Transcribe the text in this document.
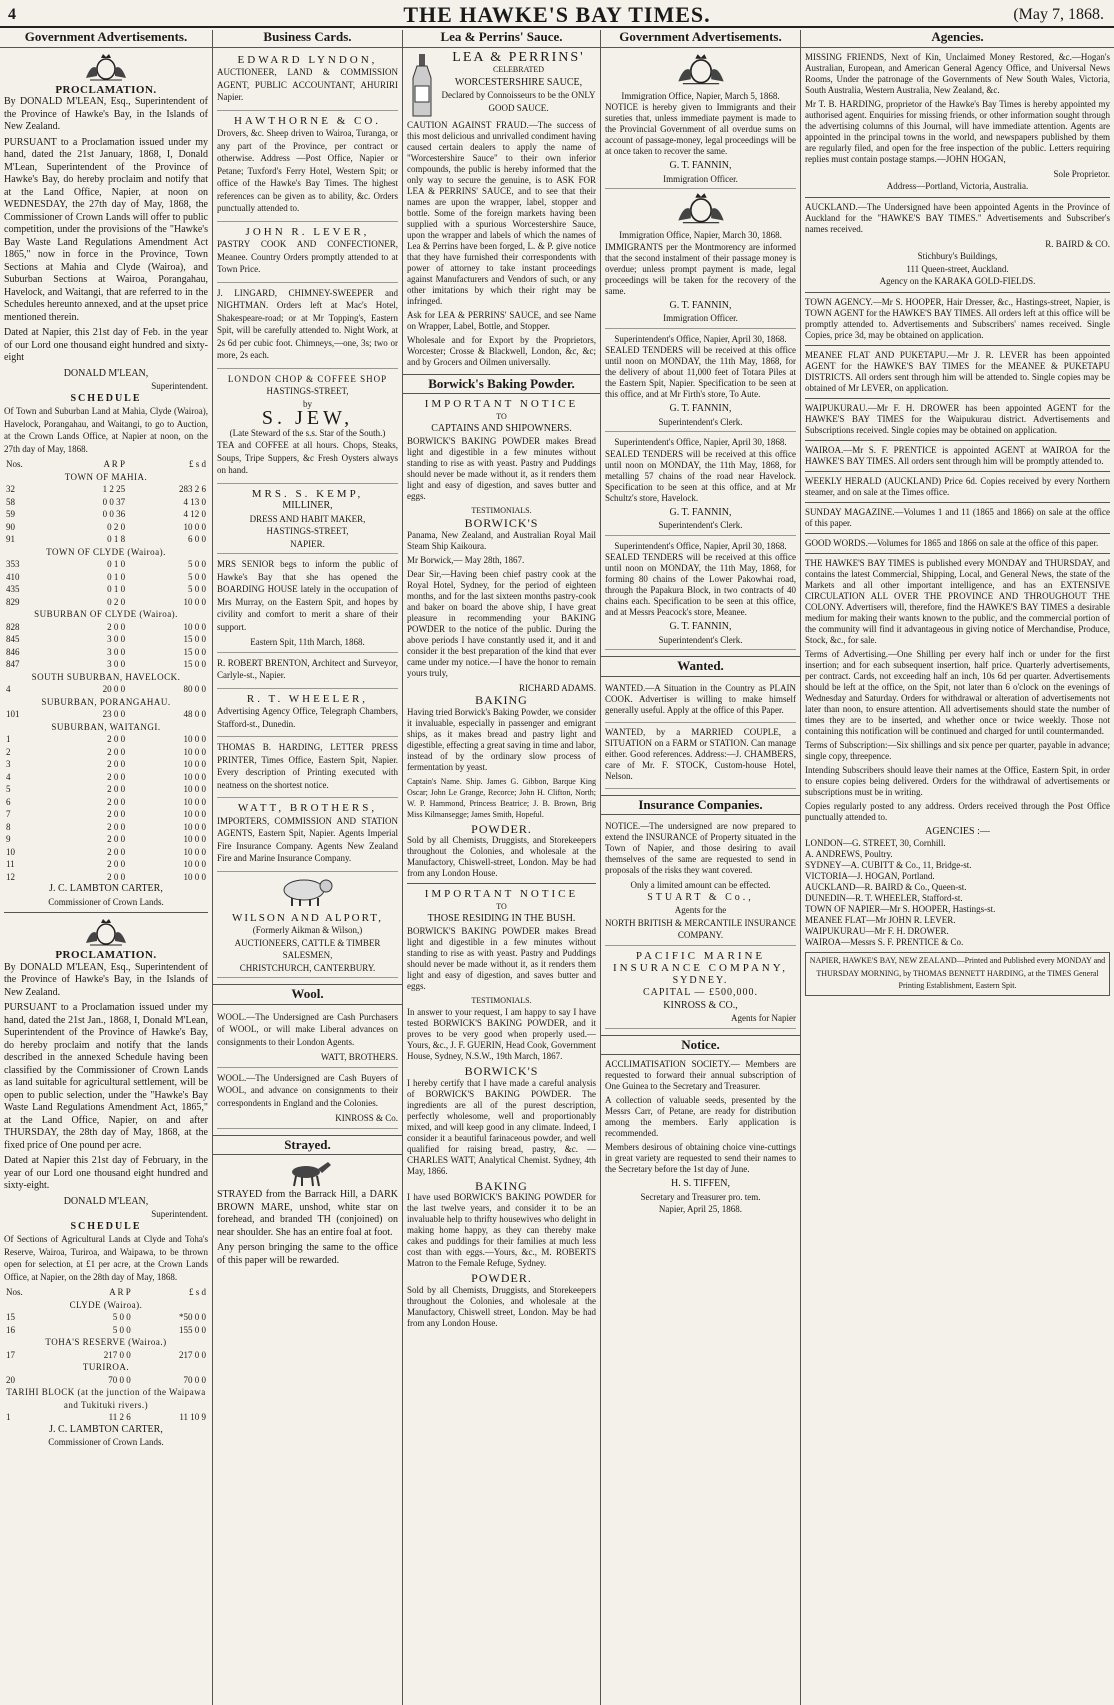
4	THE HAWKE'S BAY TIMES.	(May 7, 1868.
Government Advertisements.
PROCLAMATION.
By DONALD M'LEAN, Esq., Superintendent of the Province of Hawke's Bay, in the Islands of New Zealand.
PURSUANT to a Proclamation issued under my hand, dated the 21st January, 1868, I, Donald M'Lean, Superintendent of the Province of Hawke's Bay, do hereby proclaim and notify that at the Land Office, Napier, at noon on WEDNESDAY, the 27th day of May, 1868, the Commissioner of Crown Lands will offer to public competition, under the provisions of the "Hawke's Bay Waste Land Regulations Amendment Act 1865," now in force in the Province, Town Sections at Mahia and Clyde (Wairoa), and Suburban Sections at Wairoa, Porangahau, Havelock, and Waitangi, that are referred to in the Schedules hereunto annexed, and at the upset price mentioned therein.
Dated at Napier, this 21st day of Feb. in the year of our Lord one thousand eight hundred and sixty-eight
DONALD M'LEAN,
Superintendent.
SCHEDULE
Of Town and Suburban Land at Mahia, Clyde (Wairoa), Havelock, Porangahau, and Waitangi, to go to Auction, at the Crown Lands Office, at Napier at noon, on the 27th day of May, 1868.
Nos.	A R P	£ s d
TOWN OF MAHIA.		
32	1 2 25	283 2 6
58	0 0 37	4 13 0
59	0 0 36	4 12 0
90	0 2 0	10 0 0
91	0 1 8	6 0 0
TOWN OF CLYDE (Wairoa).		
353	0 1 0	5 0 0
410	0 1 0	5 0 0
435	0 1 0	5 0 0
829	0 2 0	10 0 0
SUBURBAN OF CLYDE (Wairoa).		
828	2 0 0	10 0 0
845	3 0 0	15 0 0
846	3 0 0	15 0 0
847	3 0 0	15 0 0
SOUTH SUBURBAN, HAVELOCK.		
4	20 0 0	80 0 0
SUBURBAN, PORANGAHAU.		
101	23 0 0	48 0 0
SUBURBAN, WAITANGI.		
1	2 0 0	10 0 0
2	2 0 0	10 0 0
3	2 0 0	10 0 0
4	2 0 0	10 0 0
5	2 0 0	10 0 0
6	2 0 0	10 0 0
7	2 0 0	10 0 0
8	2 0 0	10 0 0
9	2 0 0	10 0 0
10	2 0 0	10 0 0
11	2 0 0	10 0 0
12	2 0 0	10 0 0
J. C. LAMBTON CARTER,
Commissioner of Crown Lands.
PROCLAMATION.
By DONALD M'LEAN, Esq., Superintendent of the Province of Hawke's Bay, in the Islands of New Zealand.
PURSUANT to a Proclamation issued under my hand, dated the 21st Jan., 1868, I, Donald M'Lean, Superintendent of the Province of Hawke's Bay, do hereby proclaim and notify that the lands described in the annexed Schedule having been classified by the Commissioner of Crown Lands as land suitable for agricultural settlement, will be open to public selection, under the "Hawke's Bay Waste Land Regulations Amendment Act, 1865," at the Land Office, Napier, on and after THURSDAY, the 28th day of May, 1868, at the fixed price of One pound per acre.
Dated at Napier this 21st day of February, in the year of our Lord one thousand eight hundred and sixty-eight.
DONALD M'LEAN,
Superintendent.
SCHEDULE
Of Sections of Agricultural Lands at Clyde and Toha's Reserve, Wairoa, Turiroa, and Waipawa, to be thrown open for selection, at £1 per acre, at the Crown Lands Office, at Napier, on the 28th day of May, 1868.
Nos.	A R P	£ s d
CLYDE (Wairoa).		
15	5 0 0	*50 0 0
16	5 0 0	155 0 0
TOHA'S RESERVE (Wairoa.)		
17	217 0 0	217 0 0
TURIROA.		
20	70 0 0	70 0 0
TARIHI BLOCK (at the junction of the Waipawa and Tukituki rivers.)		
1	11 2 6	11 10 9
J. C. LAMBTON CARTER,
Commissioner of Crown Lands.
Business Cards.
EDWARD LYNDON,
AUCTIONEER, LAND & COMMISSION AGENT, PUBLIC ACCOUNTANT, AHURIRI Napier.
HAWTHORNE & CO.
Drovers, &c. Sheep driven to Wairoa, Turanga, or any part of the Province, per contract or otherwise. Address —Post Office, Napier or Petane; Tuxford's Ferry Hotel, Western Spit; or office of the Hawke's Bay Times. The highest references can be given as to ability, &c. Orders punctually attended to.
JOHN R. LEVER,
PASTRY COOK AND CONFECTIONER, Meanee. Country Orders promptly attended to at Town Price.
J. LINGARD, CHIMNEY-SWEEPER and NIGHTMAN. Orders left at Mac's Hotel, Shakespeare-road; or at Mr Topping's, Eastern Spit, will be carefully attended to. Night Work, at 2s 6d per cubic foot. Chimneys,—one, 3s; two or more, 2s each.
LONDON CHOP & COFFEE SHOP
HASTINGS-STREET,
by
S. JEW,
(Late Steward of the s.s. Star of the South.)
TEA and COFFEE at all hours. Chops, Steaks, Soups, Tripe Suppers, &c Fresh Oysters always on hand.
MRS. S. KEMP,
MILLINER,
DRESS AND HABIT MAKER,
HASTINGS-STREET,
NAPIER.
MRS SENIOR begs to inform the public of Hawke's Bay that she has opened the BOARDING HOUSE lately in the occupation of Mrs Murray, on the Eastern Spit, and hopes by civility and comfort to merit a share of their support.
Eastern Spit, 11th March, 1868.
R. ROBERT BRENTON, Architect and Surveyor, Carlyle-st., Napier.
R. T. WHEELER,
Advertising Agency Office, Telegraph Chambers, Stafford-st., Dunedin.
THOMAS B. HARDING, LETTER PRESS PRINTER, Times Office, Eastern Spit, Napier. Every description of Printing executed with neatness on the shortest notice.
WATT, BROTHERS,
IMPORTERS, COMMISSION AND STATION AGENTS, Eastern Spit, Napier. Agents Imperial Fire Insurance Company. Agents New Zealand Fire and Marine Insurance Company.
WILSON AND ALPORT,
(Formerly Aikman & Wilson,)
AUCTIONEERS, CATTLE & TIMBER SALESMEN,
CHRISTCHURCH, CANTERBURY.
Wool.
WOOL.—The Undersigned are Cash Purchasers of WOOL, or will make Liberal advances on consignments to their London Agents.
WATT, BROTHERS.
WOOL.—The Undersigned are Cash Buyers of WOOL, and advance on consignments to their correspondents in England and the Colonies.
KINROSS & Co.
Strayed.
STRAYED from the Barrack Hill, a DARK BROWN MARE, unshod, white star on forehead, and branded TH (conjoined) on near shoulder. She has an entire foal at foot.
Any person bringing the same to the office of this paper will be rewarded.
Lea & Perrins' Sauce.
LEA & PERRINS'
CELEBRATED
WORCESTERSHIRE SAUCE,
Declared by Connoisseurs to be the ONLY GOOD SAUCE.
CAUTION AGAINST FRAUD.—The success of this most delicious and unrivalled condiment having caused certain dealers to apply the name of "Worcestershire Sauce" to their own inferior compounds, the public is hereby informed that the only way to secure the genuine, is to ASK FOR LEA & PERRINS' SAUCE, and to see that their names are upon the wrapper, label, stopper and bottle. Some of the foreign markets having been supplied with a spurious Worcestershire Sauce, upon the wrapper and labels of which the names of Lea & Perrins have been forged, L. & P. give notice that they have furnished their correspondents with power of attorney to take instant proceedings against Manufacturers and Vendors of such, or any other imitations by which their right may be infringed.
Ask for LEA & PERRINS' SAUCE, and see Name on Wrapper, Label, Bottle, and Stopper.
Wholesale and for Export by the Proprietors, Worcester; Crosse & Blackwell, London, &c, &c; and by Grocers and Oilmen universally.
Borwick's Baking Powder.
IMPORTANT NOTICE
TO
CAPTAINS AND SHIPOWNERS.
BORWICK'S BAKING POWDER makes Bread light and digestible in a few minutes without standing to rise as with yeast. Pastry and Puddings should never be made without it, as it renders them light and easy of digestion, and saves butter and eggs.
TESTIMONIALS.
BORWICK'S
Panama, New Zealand, and Australian Royal Mail Steam Ship Kaikoura.
Mr Borwick,— May 28th, 1867.
Dear Sir,—Having been chief pastry cook at the Royal Hotel, Sydney, for the period of eighteen months, and for the last sixteen months pastry-cook and baker on board the above ship, I have great pleasure in recommending your BAKING POWDER to the notice of the public. During the above periods I have constantly used it, and it and consider it the best preparation of the kind that ever came under my notice.—I have the honor to remain yours truly,
RICHARD ADAMS.
BAKING
Having tried Borwick's Baking Powder, we consider it invaluable, especially in passenger and emigrant ships, as it makes bread and pastry light and digestible, effecting a great saving in time and labor, instead of by the ordinary slow process of fermentation by yeast.
Captain's Name. Ship. James G. Gibbon, Barque King Oscar; John Le Grange, Recorce; John H. Clifton, North; W. P. Hammond, Princess Beatrice; J. B. Brown, Brig Miss Kilmansegge; James Smith, Hopeful.
POWDER.
Sold by all Chemists, Druggists, and Storekeepers throughout the Colonies, and wholesale at the Manufactory, Chiswell-street, London. May be had from any London House.
IMPORTANT NOTICE
TO
THOSE RESIDING IN THE BUSH.
BORWICK'S BAKING POWDER makes Bread light and digestible in a few minutes without standing to rise as with yeast. Pastry and Puddings should never be made without it, as it renders them light and easy of digestion, and saves butter and eggs.
TESTIMONIALS.
In answer to your request, I am happy to say I have tested BORWICK'S BAKING POWDER, and it proves to be very good when properly used.—Yours, &c., J. F. GUERIN, Head Cook, Government House, Sydney, N.S.W., 19th March, 1867.
BORWICK'S
I hereby certify that I have made a careful analysis of BORWICK'S BAKING POWDER. The ingredients are all of the purest description, perfectly wholesome, well and proportionably mixed, and will keep good in any climate. Indeed, I consider it a beautiful farinaceous powder, and well qualified for raising bread, pastry, &c. —CHARLES WATT, Analytical Chemist. Sydney, 4th May, 1866.
BAKING
I have used BORWICK'S BAKING POWDER for the last twelve years, and consider it to be an invaluable help to thrifty housewives who delight in making home happy, as they can thereby make cakes and puddings for their families at much less cost than with eggs.—Yours, &c., M. ROBERTS Matron to the Female Refuge, Sydney.
POWDER.
Sold by all Chemists, Druggists, and Storekeepers throughout the Colonies, and wholesale at the Manufactory, Chiswell street, London. May be had from any London House.
Government Advertisements.
Immigration Office, Napier, March 5, 1868.
NOTICE is hereby given to Immigrants and their sureties that, unless immediate payment is made to the Provincial Government of all overdue sums on account of passage-money, legal proceedings will be at once taken to recover the same.
G. T. FANNIN,
Immigration Officer.
Immigration Office, Napier, March 30, 1868.
IMMIGRANTS per the Montmorency are informed that the second instalment of their passage money is overdue; unless prompt payment is made, legal proceedings will be taken for the recovery of the same.
G. T. FANNIN,
Immigration Officer.
Superintendent's Office, Napier, April 30, 1868.
SEALED TENDERS will be received at this office until noon on MONDAY, the 11th May, 1868, for the delivery of about 11,000 feet of Totara Piles at the Eastern Spit, Napier. Specification to be seen at this office, and at Mr Firth's store, To Aute.
G. T. FANNIN,
Superintendent's Clerk.
Superintendent's Office, Napier, April 30, 1868.
SEALED TENDERS will be received at this office until noon on MONDAY, the 11th May, 1868, for metalling 57 chains of the road near Havelock. Specification to be seen at this office, and at Mr Schultz's store, Havelock.
G. T. FANNIN,
Superintendent's Clerk.
Superintendent's Office, Napier, April 30, 1868.
SEALED TENDERS will be received at this office until noon on MONDAY, the 11th May, 1868, for forming 80 chains of the Lower Pakowhai road, through the Papakura Block, in two contracts of 40 chains each. Specification to be seen at this office, and at Messrs Peacock's store, Meanee.
G. T. FANNIN,
Superintendent's Clerk.
Wanted.
WANTED.—A Situation in the Country as PLAIN COOK. Advertiser is willing to make himself generally useful. Apply at the office of this Paper.
WANTED, by a MARRIED COUPLE, a SITUATION on a FARM or STATION. Can manage either. Good references. Address:—J. CHAMBERS, care of Mr. F. STOCK, Custom-house Hotel, Nelson.
Insurance Companies.
NOTICE.—The undersigned are now prepared to extend the INSURANCE of Property situated in the Town of Napier, and those desiring to avail themselves of the same are requested to send in proposals of the risks they want covered.
Only a limited amount can be effected.
STUART & Co.,
Agents for the
NORTH BRITISH & MERCANTILE INSURANCE COMPANY.
PACIFIC MARINE INSURANCE COMPANY,
SYDNEY.
CAPITAL — £500,000.
KINROSS & CO.,
Agents for Napier
Notice.
ACCLIMATISATION SOCIETY.— Members are requested to forward their annual subscription of One Guinea to the Secretary and Treasurer.
A collection of valuable seeds, presented by the Messrs Carr, of Petane, are ready for distribution among the members. Early application is recommended.
Members desirous of obtaining choice vine-cuttings in great variety are requested to send their names to the Secretary before the 1st day of June.
H. S. TIFFEN,
Secretary and Treasurer pro. tem.
Napier, April 25, 1868.
Agencies.
MISSING FRIENDS, Next of Kin, Unclaimed Money Restored, &c.—Hogan's Australian, European, and American General Agency Office, and Universal News Rooms, Under the patronage of the Governments of New South Wales, Victoria, South Australia, Western Australia, New Zealand, &c.
Mr T. B. HARDING, proprietor of the Hawke's Bay Times is hereby appointed my authorised agent. Enquiries for missing friends, or other information sought through the advertising columns of this Journal, will have immediate attention. Agents are appointed in the principal towns in the world, and newspapers published by them are regularly filed, and open for the free inspection of the public. Letters requiring replies must contain postage stamps.—JOHN HOGAN,
Sole Proprietor.
Address—Portland, Victoria, Australia.
AUCKLAND.—The Undersigned have been appointed Agents in the Province of Auckland for the "HAWKE'S BAY TIMES." Advertisements and Subscriber's names received.
R. BAIRD & CO.
Stichbury's Buildings,
111 Queen-street, Auckland.
Agency on the KARAKA GOLD-FIELDS.
TOWN AGENCY.—Mr S. HOOPER, Hair Dresser, &c., Hastings-street, Napier, is TOWN AGENT for the HAWKE'S BAY TIMES. All orders left at this office will be promptly attended to. Advertisements and Subscribers' names received. Single Copies, price 3d, may be obtained on application.
MEANEE FLAT AND PUKETAPU.—Mr J. R. LEVER has been appointed AGENT for the HAWKE'S BAY TIMES for the MEANEE & PUKETAPU DISTRICTS. All orders sent through him will be attended to. Single copies may be obtained of Mr LEVER, on application.
WAIPUKURAU.—Mr F. H. DROWER has been appointed AGENT for the HAWKE'S BAY TIMES for the Waipukurau district. Advertisements and Subscriptions received. Single copies may be obtained on application.
WAIROA.—Mr S. F. PRENTICE is appointed AGENT at WAIROA for the HAWKE'S BAY TIMES. All orders sent through him will be promptly attended to.
WEEKLY HERALD (AUCKLAND) Price 6d. Copies received by every Northern steamer, and on sale at the Times office.
SUNDAY MAGAZINE.—Volumes 1 and 11 (1865 and 1866) on sale at the office of this paper.
GOOD WORDS.—Volumes for 1865 and 1866 on sale at the office of this paper.
THE HAWKE'S BAY TIMES is published every MONDAY and THURSDAY, and contains the latest Commercial, Shipping, Local, and General News, the state of the Markets and all other important intelligence, and has an EXTENSIVE CIRCULATION ALL OVER THE PROVINCE AND THROUGHOUT THE COLONY. Advertisers will, therefore, find the HAWKE'S BAY TIMES a desirable medium for making their wants known to the public, and the commercial portion of the community will find it advantageous in giving notice of Merchandise, Produce, Stock, &c., for sale.
Terms of Advertising.—One Shilling per every half inch or under for the first insertion; and for each subsequent insertion, half price. Quarterly advertisements, per contract. Cards, not exceeding half an inch, 10s 6d per quarter. Advertisements should be left at the office, on the Spit, not later than 6 o'clock on the evenings of Wednesday and Saturday. Orders for withdrawal or alteration of advertisements not later than noon, to ensure attention. All advertisements should state the number of times they are to be inserted, and whether once or twice weekly. Those not containing this notification will be continued and charged for until countermanded.
Terms of Subscription:—Six shillings and six pence per quarter, payable in advance; single copy, threepence.
Intending Subscribers should leave their names at the Office, Eastern Spit, in order to ensure copies being delivered. Orders for the withdrawal of advertisements or subscriptions must be in writing.
Copies regularly posted to any address. Orders received through the Post Office punctually attended to.
AGENCIES :—
LONDON—G. STREET, 30, Cornhill.
A. ANDREWS, Poultry.
SYDNEY—A. CUBITT & Co., 11, Bridge-st.
VICTORIA—J. HOGAN, Portland.
AUCKLAND—R. BAIRD & Co., Queen-st.
DUNEDIN—R. T. WHEELER, Stafford-st.
TOWN OF NAPIER—Mr S. HOOPER, Hastings-st.
MEANEE FLAT—Mr JOHN R. LEVER.
WAIPUKURAU—Mr F. H. DROWER.
WAIROA—Messrs S. F. PRENTICE & Co.
NAPIER, HAWKE'S BAY, NEW ZEALAND—Printed and Published every MONDAY and THURSDAY MORNING, by THOMAS BENNETT HARDING, at the TIMES General Printing Establishment, Eastern Spit.
